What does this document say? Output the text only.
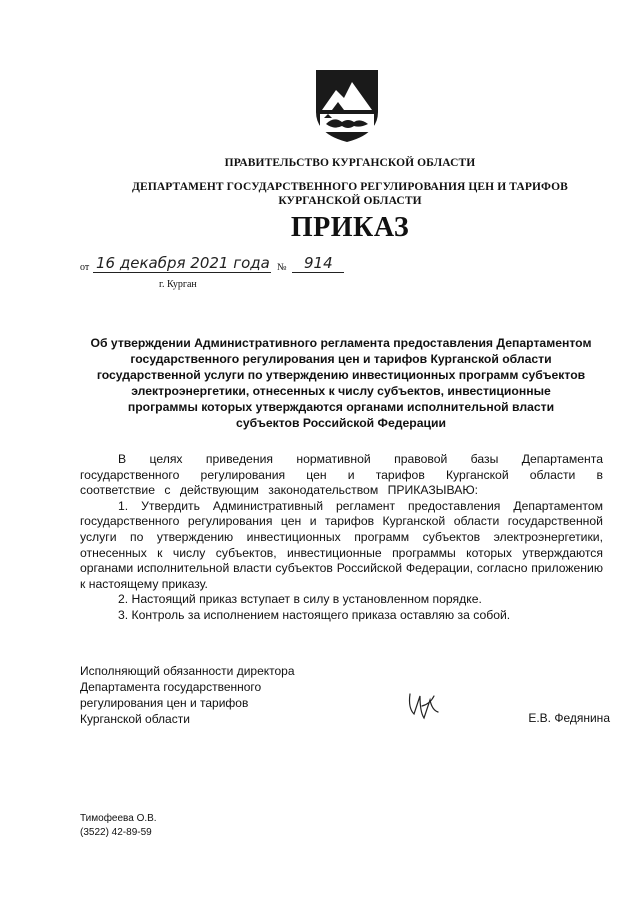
ПРАВИТЕЛЬСТВО КУРГАНСКОЙ ОБЛАСТИ
ДЕПАРТАМЕНТ ГОСУДАРСТВЕННОГО РЕГУЛИРОВАНИЯ ЦЕН И ТАРИФОВ
КУРГАНСКОЙ ОБЛАСТИ
ПРИКАЗ
от 16 декабря 2021 года № 914
г. Курган
Об утверждении Административного регламента предоставления Департаментом
государственного регулирования цен и тарифов Курганской области
государственной услуги по утверждению инвестиционных программ субъектов
электроэнергетики, отнесенных к числу субъектов, инвестиционные
программы которых утверждаются органами исполнительной власти
субъектов Российской Федерации

В целях приведения нормативной правовой базы Департамента государственного регулирования цен и тарифов Курганской области в соответствие с действующим законодательством ПРИКАЗЫВАЮ:

1. Утвердить Административный регламент предоставления Департаментом государственного регулирования цен и тарифов Курганской области государственной услуги по утверждению инвестиционных программ субъектов электроэнергетики, отнесенных к числу субъектов, инвестиционные программы которых утверждаются органами исполнительной власти субъектов Российской Федерации, согласно приложению к настоящему приказу.

2. Настоящий приказ вступает в силу в установленном порядке.

3. Контроль за исполнением настоящего приказа оставляю за собой.

Исполняющий обязанности директора
Департамента государственного
регулирования цен и тарифов
Курганской области	Е.В. Федянина
Тимофеева О.В.
(3522) 42-89-59
